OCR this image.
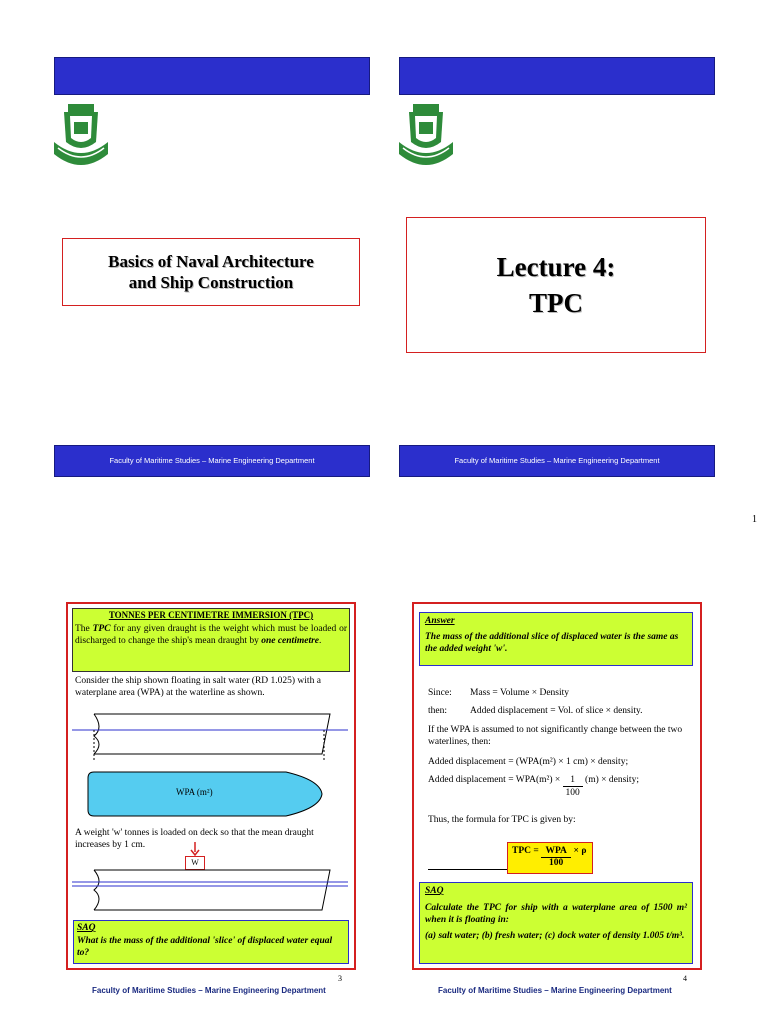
Basics of Naval Architecture
and Ship Construction
Faculty of Maritime Studies – Marine Engineering Department
Lecture 4:
TPC
Faculty of Maritime Studies – Marine Engineering Department
1
TONNES PER CENTIMETRE IMMERSION (TPC)
The TPC for any given draught is the weight which must be loaded or discharged to change the ship's mean draught by one centimetre.
Consider the ship shown floating in salt water (RD 1.025) with a waterplane area (WPA) at the waterline as shown.
WPA (m²)
A weight 'w' tonnes is loaded on deck so that the mean draught increases by 1 cm.
W
SAQ
What is the mass of the additional 'slice' of displaced water equal to?
3
Faculty of Maritime Studies – Marine Engineering Department
Answer
The mass of the additional slice of displaced water is the same as the added weight 'w'.
Since: Mass = Volume × Density
then: Added displacement = Vol. of slice × density.
If the WPA is assumed to not significantly change between the two waterlines, then:
Added displacement = (WPA(m²) × 1 cm) × density;
Added displacement = $WPA(m^2) \times \frac{1}{100} (m)$ × density;
Thus, the formula for TPC is given by:
TPC = WPA
100
× ρ
SAQ
Calculate the TPC for ship with a waterplane area of 1500 m² when it is floating in:
(a) salt water; (b) fresh water; (c) dock water of density 1.005 t/m³.
4
Faculty of Maritime Studies – Marine Engineering Department
